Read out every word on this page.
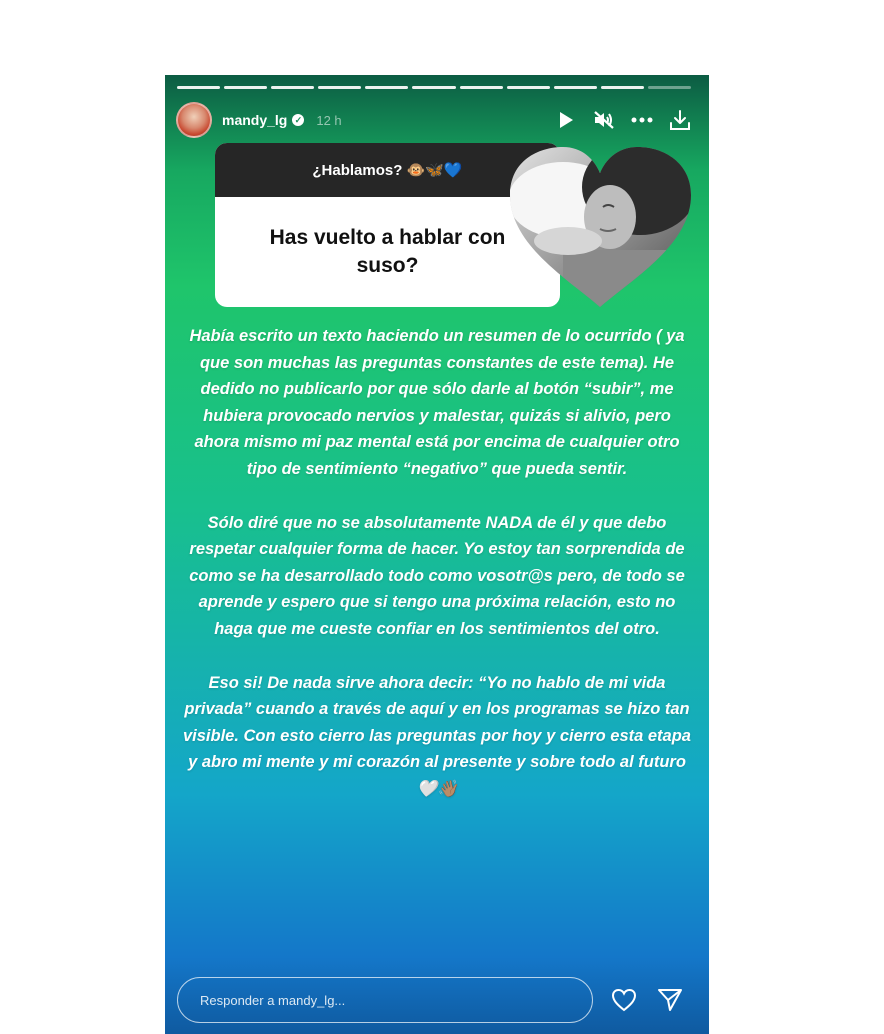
mandy_lg ✓ 12 h
¿Hablamos? 🐵🦋💙
Has vuelto a hablar con suso?

Había escrito un texto haciendo un resumen de lo ocurrido ( ya que son muchas las preguntas constantes de este tema). He dedido no publicarlo por que sólo darle al botón “subir”, me hubiera provocado nervios y malestar, quizás si alivio, pero ahora mismo mi paz mental está por encima de cualquier otro tipo de sentimiento “negativo” que pueda sentir.

Sólo diré que no se absolutamente NADA de él y que debo respetar cualquier forma de hacer. Yo estoy tan sorprendida de como se ha desarrollado todo como vosotr@s pero, de todo se aprende y espero que si tengo una próxima relación, esto no haga que me cueste confiar en los sentimientos del otro.

Eso si! De nada sirve ahora decir: “Yo no hablo de mi vida privada” cuando a través de aquí y en los programas se hizo tan visible. Con esto cierro las preguntas por hoy y cierro esta etapa y abro mi mente y mi corazón al presente y sobre todo al futuro🤍👋🏽

Responder a mandy_lg...
